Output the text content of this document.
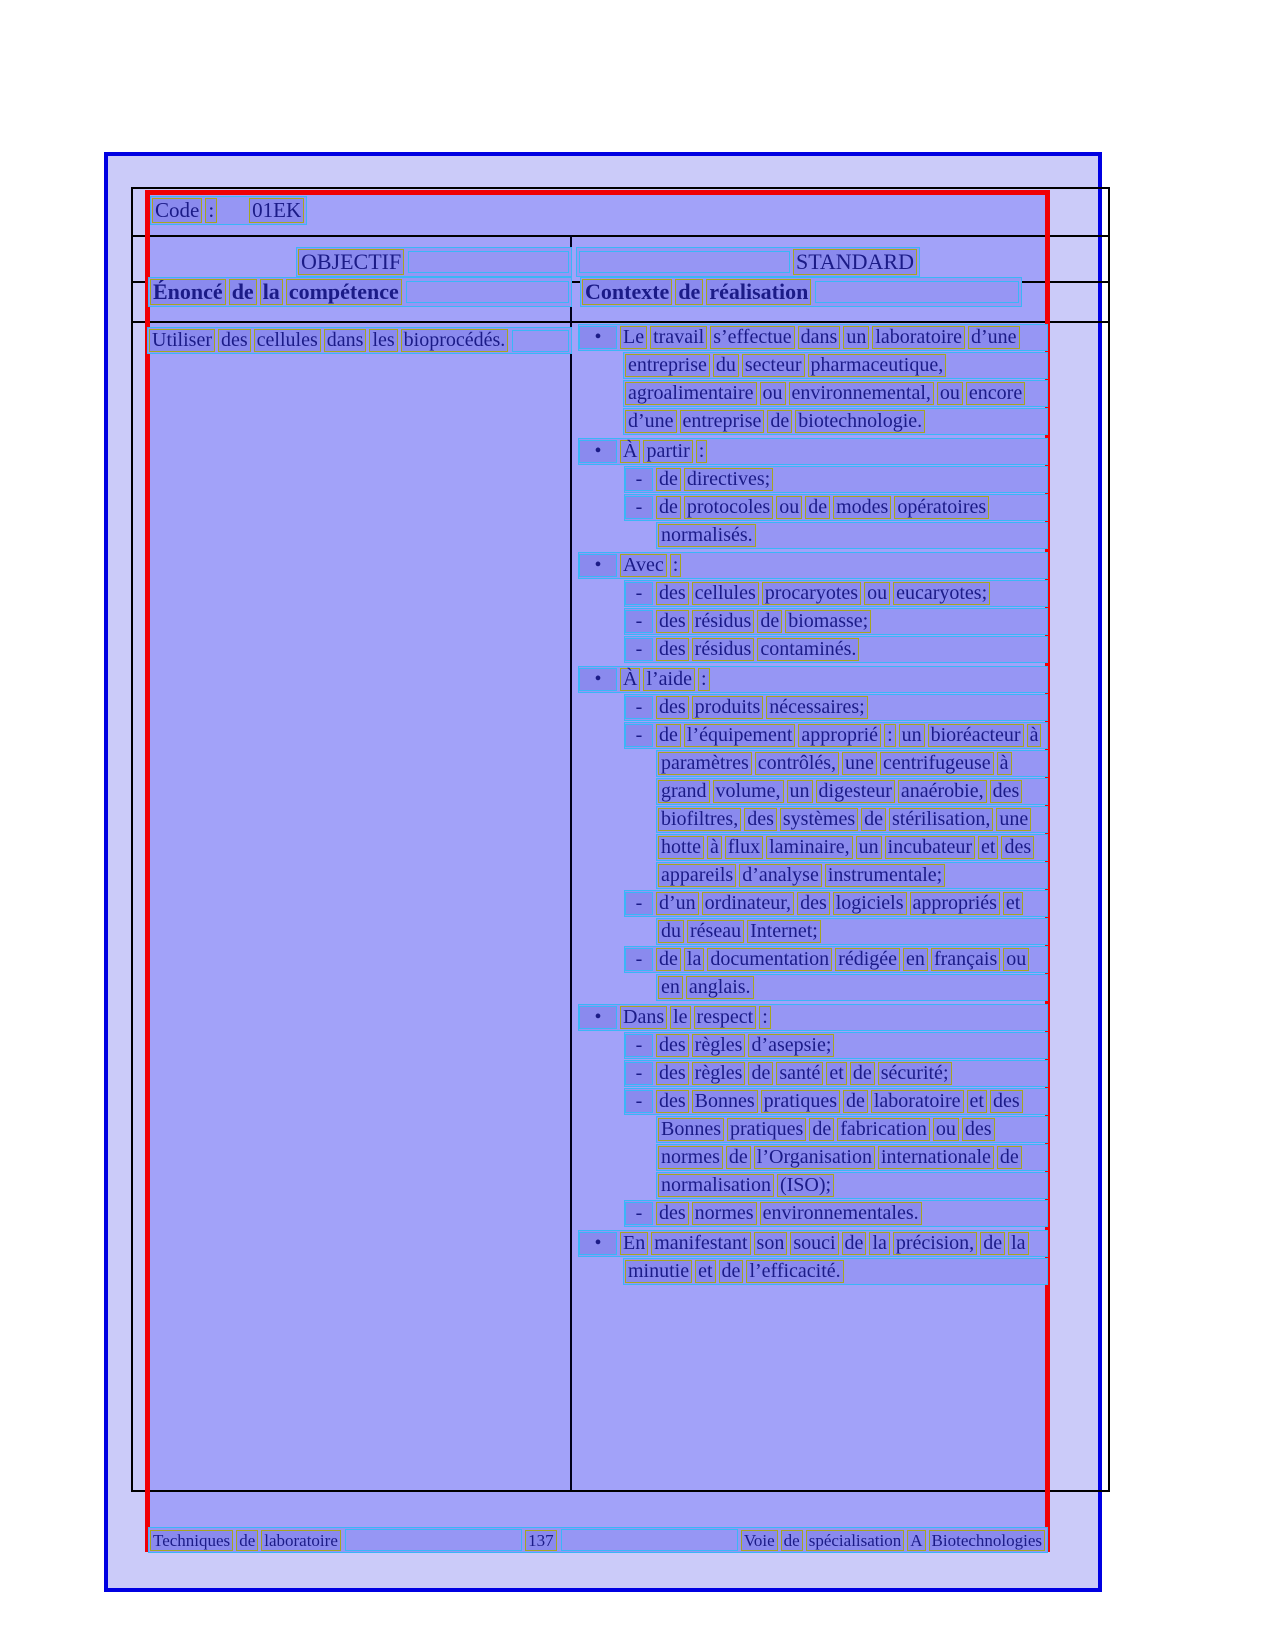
Code : 01EK
OBJECTIF	STANDARD
Énoncé de la compétence	Contexte de réalisation
Utiliser des cellules dans les bioprocédés.	•	Le travail s’effectue dans un laboratoire d’une
entreprise du secteur pharmaceutique,
agroalimentaire ou environnemental, ou encore
d’une entreprise de biotechnologie.
•	À partir :
- de directives;
- de protocoles ou de modes opératoires
normalisés.
•	Avec :
- des cellules procaryotes ou eucaryotes;
- des résidus de biomasse;
- des résidus contaminés.
•	À l’aide :
- des produits nécessaires;
- de l’équipement approprié : un bioréacteur à
paramètres contrôlés, une centrifugeuse à
grand volume, un digesteur anaérobie, des
biofiltres, des systèmes de stérilisation, une
hotte à flux laminaire, un incubateur et des
appareils d’analyse instrumentale;
- d’un ordinateur, des logiciels appropriés et
du réseau Internet;
- de la documentation rédigée en français ou
en anglais.
•	Dans le respect :
- des règles d’asepsie;
- des règles de santé et de sécurité;
- des Bonnes pratiques de laboratoire et des
Bonnes pratiques de fabrication ou des
normes de l’Organisation internationale de
normalisation (ISO);
- des normes environnementales.
•	En manifestant son souci de la précision, de la
minutie et de l’efficacité.
Techniques de laboratoire	137	Voie de spécialisation A Biotechnologies
